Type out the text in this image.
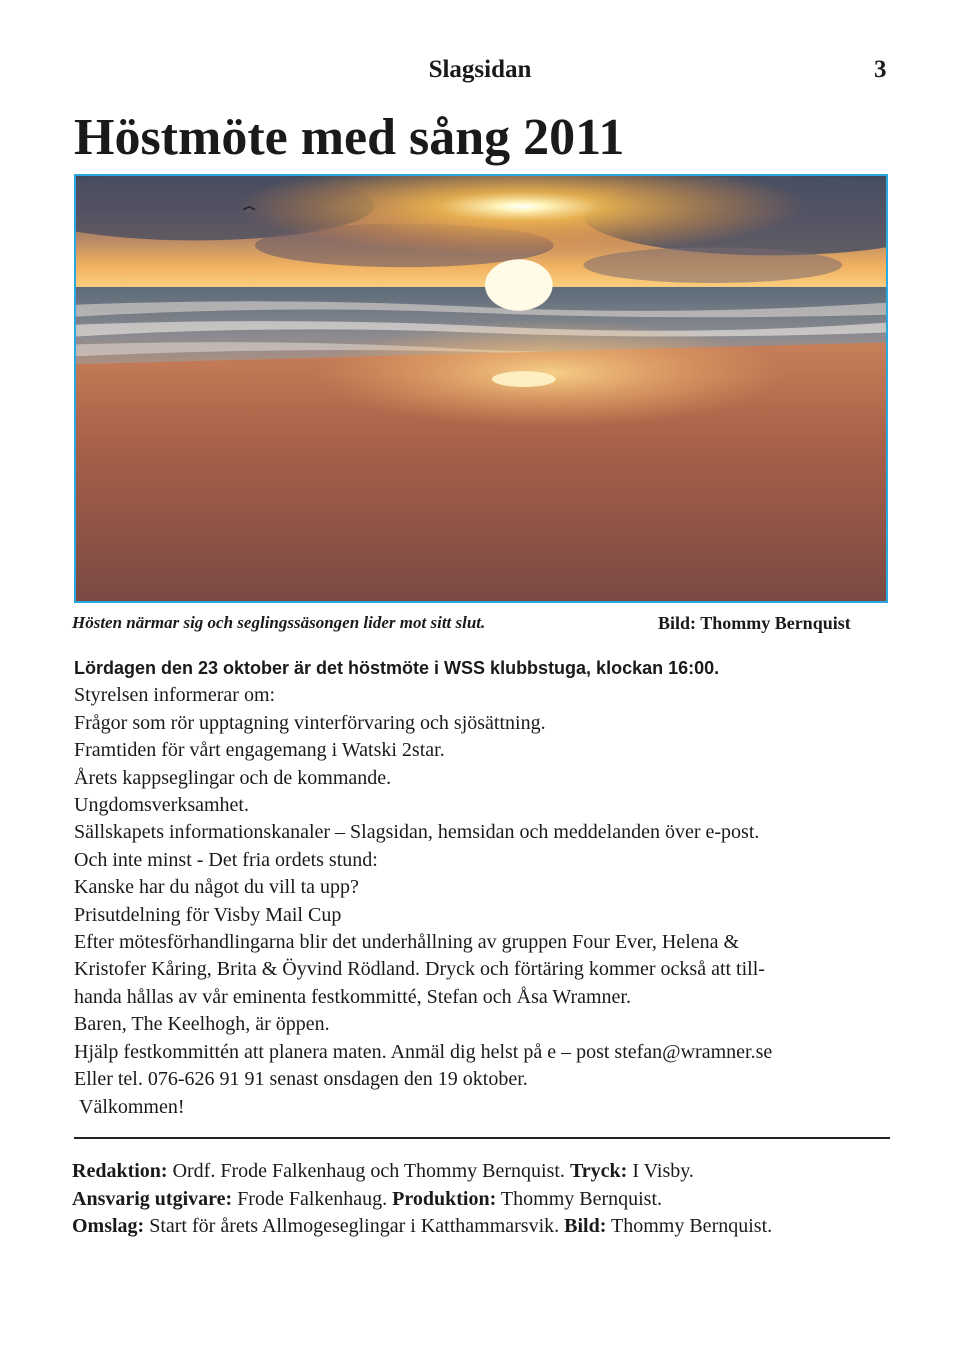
Slagsidan	3
Höstmöte med sång 2011
Hösten närmar sig och seglingssäsongen lider mot sitt slut.	Bild: Thommy Bernquist
Lördagen den 23 oktober är det höstmöte i WSS klubbstuga, klockan 16:00.
Styrelsen informerar om:
Frågor som rör upptagning vinterförvaring och sjösättning.
Framtiden för vårt engagemang i Watski 2star.
Årets kappseglingar och de kommande.
Ungdomsverksamhet.
Sällskapets informationskanaler – Slagsidan, hemsidan och meddelanden över e-post.
Och inte minst - Det fria ordets stund:
Kanske har du något du vill ta upp?
Prisutdelning för Visby Mail Cup
Efter mötesförhandlingarna blir det underhållning av gruppen Four Ever, Helena &
Kristofer Kåring, Brita & Öyvind Rödland. Dryck och förtäring kommer också att till-
handa hållas av vår eminenta festkommitté, Stefan och Åsa Wramner.
Baren, The Keelhogh, är öppen.
Hjälp festkommittén att planera maten. Anmäl dig helst på e – post stefan@wramner.se
Eller tel. 076-626 91 91 senast onsdagen den 19 oktober.
Välkommen!
Redaktion: Ordf. Frode Falkenhaug och Thommy Bernquist. Tryck: I Visby.
Ansvarig utgivare: Frode Falkenhaug. Produktion: Thommy Bernquist.
Omslag: Start för årets Allmogeseglingar i Katthammarsvik. Bild: Thommy Bernquist.
